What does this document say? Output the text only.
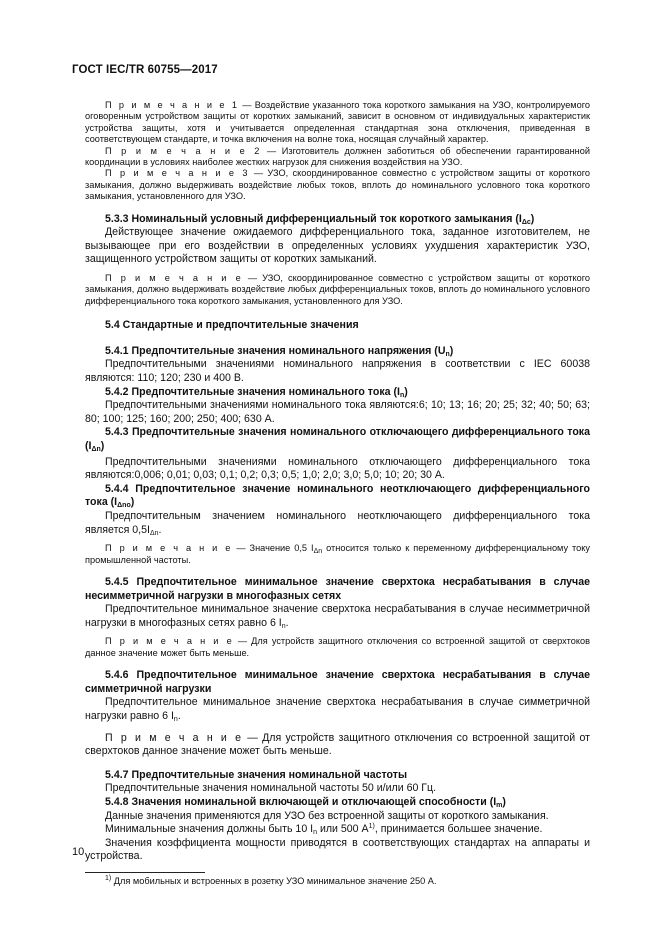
ГОСТ IEC/TR 60755—2017

П р и м е ч а н и е 1 — Воздействие указанного тока короткого замыкания на УЗО, контролируемого оговоренным устройством защиты от коротких замыканий, зависит в основном от индивидуальных характеристик устройства защиты, хотя и учитывается определенная стандартная зона отключения, приведенная в соответствующем стандарте, и точка включения на волне тока, носящая случайный характер.

П р и м е ч а н и е 2 — Изготовитель должнен заботиться об обеспечении гарантированной координации в условиях наиболее жестких нагрузок для снижения воздействия на УЗО.

П р и м е ч а н и е 3 — УЗО, скоординированное совместно с устройством защиты от короткого замыкания, должно выдерживать воздействие любых токов, вплоть до номинального условного тока короткого замыкания, установленного для УЗО.

5.3.3 Номинальный условный дифференциальный ток короткого замыкания $(I_{\Delta c})$

Действующее значение ожидаемого дифференциального тока, заданное изготовителем, не вызывающее при его воздействии в определенных условиях ухудшения характеристик УЗО, защищенного устройством защиты от коротких замыканий.

П р и м е ч а н и е — УЗО, скоординированное совместно с устройством защиты от короткого замыкания, должно выдерживать воздействие любых дифференциальных токов, вплоть до номинального условного дифференциального тока короткого замыкания, установленного для УЗО.

5.4 Стандартные и предпочтительные значения

5.4.1 Предпочтительные значения номинального напряжения $(U_n)$

Предпочтительными значениями номинального напряжения в соответствии с IEC 60038 являются: 110; 120; 230 и 400 В.

5.4.2 Предпочтительные значения номинального тока $(I_n)$

Предпочтительными значениями номинального тока являются:6; 10; 13; 16; 20; 25; 32; 40; 50; 63; 80; 100; 125; 160; 200; 250; 400; 630 А.

5.4.3 Предпочтительные значения номинального отключающего дифференциального тока $(I_{\Delta n})$

Предпочтительными значениями номинального отключающего дифференциального тока являются:0,006; 0,01; 0,03; 0,1; 0,2; 0,3; 0,5; 1,0; 2,0; 3,0; 5,0; 10; 20; 30 А.

5.4.4 Предпочтительное значение номинального неотключающего дифференциального тока $(I_{\Delta no})$

Предпочтительным значением номинального неотключающего дифференциального тока является $0,5I_{\Delta n}$.

П р и м е ч а н и е — Значение 0,5 $I_{\Delta n}$ относится только к переменному дифференциальному току промышленной частоты.

5.4.5 Предпочтительное минимальное значение сверхтока несрабатывания в случае несимметричной нагрузки в многофазных сетях

Предпочтительное минимальное значение сверхтока несрабатывания в случае несимметричной нагрузки в многофазных сетях равно 6 $I_n$.

П р и м е ч а н и е — Для устройств защитного отключения со встроенной защитой от сверхтоков данное значение может быть меньше.

5.4.6 Предпочтительное минимальное значение сверхтока несрабатывания в случае симметричной нагрузки

Предпочтительное минимальное значение сверхтока несрабатывания в случае симметричной нагрузки равно 6 $I_n$.

П р и м е ч а н и е — Для устройств защитного отключения со встроенной защитой от сверхтоков данное значение может быть меньше.

5.4.7 Предпочтительные значения номинальной частоты

Предпочтительные значения номинальной частоты 50 и/или 60 Гц.

5.4.8 Значения номинальной включающей и отключающей способности $(I_m)$

Данные значения применяются для УЗО без встроенной защиты от короткого замыкания.

Минимальные значения должны быть 10 $I_n$ или 500 $А^{1)}$, принимается большее значение.

Значения коэффициента мощности приводятся в соответствующих стандартах на аппараты и устройства.

$^{1)}$ Для мобильных и встроенных в розетку УЗО минимальное значение 250 А.

10
